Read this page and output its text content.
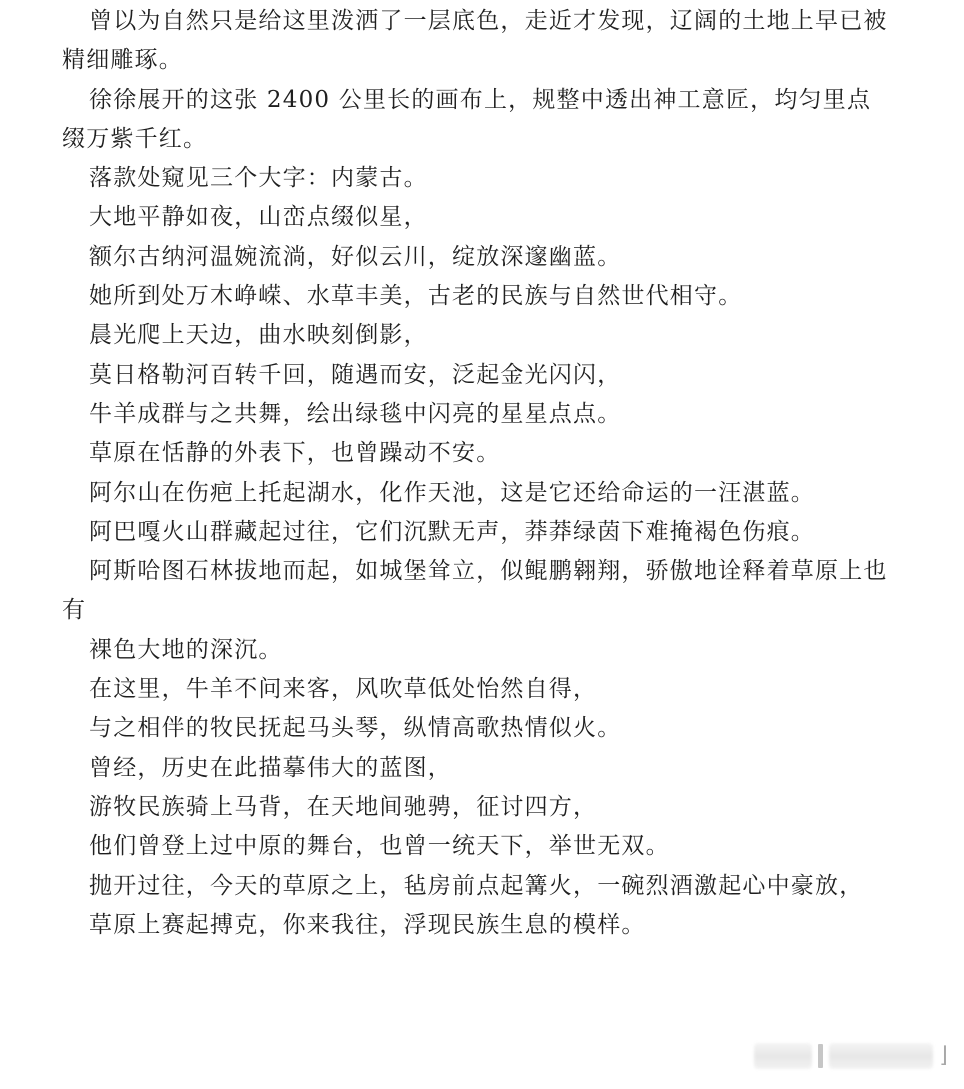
曾以为自然只是给这里泼洒了一层底色，走近才发现，辽阔的土地上早已被精细雕琢。

徐徐展开的这张 2400 公里长的画布上，规整中透出神工意匠，均匀里点缀万紫千红。

落款处窥见三个大字：内蒙古。

大地平静如夜，山峦点缀似星，

额尔古纳河温婉流淌，好似云川，绽放深邃幽蓝。

她所到处万木峥嵘、水草丰美，古老的民族与自然世代相守。

晨光爬上天边，曲水映刻倒影，

莫日格勒河百转千回，随遇而安，泛起金光闪闪，

牛羊成群与之共舞，绘出绿毯中闪亮的星星点点。

草原在恬静的外表下，也曾躁动不安。

阿尔山在伤疤上托起湖水，化作天池，这是它还给命运的一汪湛蓝。

阿巴嘎火山群藏起过往，它们沉默无声，莽莽绿茵下难掩褐色伤痕。

阿斯哈图石林拔地而起，如城堡耸立，似鲲鹏翱翔，骄傲地诠释着草原上也有

裸色大地的深沉。

在这里，牛羊不问来客，风吹草低处怡然自得，

与之相伴的牧民抚起马头琴，纵情高歌热情似火。

曾经，历史在此描摹伟大的蓝图，

游牧民族骑上马背，在天地间驰骋，征讨四方，

他们曾登上过中原的舞台，也曾一统天下，举世无双。

抛开过往，今天的草原之上，毡房前点起篝火，一碗烈酒激起心中豪放，

草原上赛起搏克，你来我往，浮现民族生息的模样。

⌋
